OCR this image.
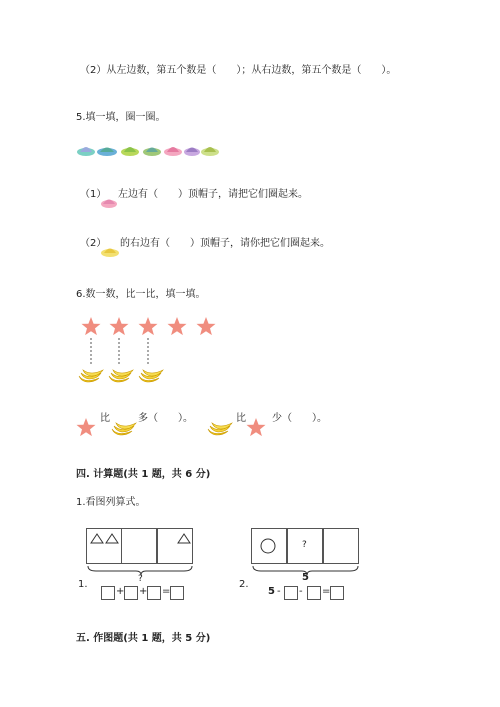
（2）从左边数，第五个数是（　　）；从右边数，第五个数是（　　）。
5.填一填，圈一圈。
（1） 左边有（　　）顶帽子，请把它们圈起来。
（2） 的右边有（　　）顶帽子，请你把它们圈起来。
6.数一数，比一比，填一填。
比	多（　　）。	比	少（　　）。
四. 计算题(共 1 题，共 6 分)
1.看图列算式。
?
1.
+ + =
?
5
2.
5 - - =
五. 作图题(共 1 题，共 5 分)
